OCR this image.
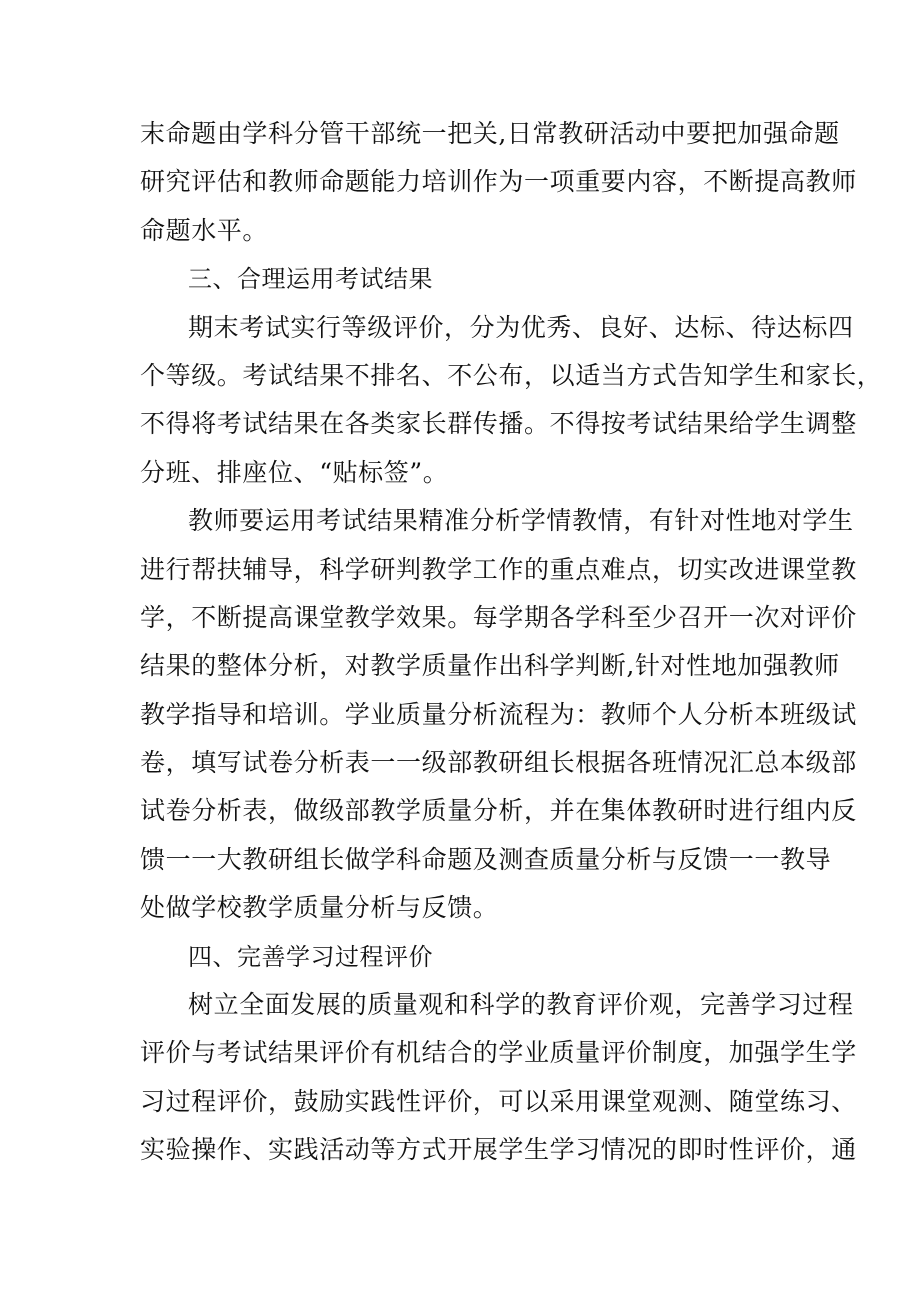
末命题由学科分管干部统一把关,日常教研活动中要把加强命题
研究评估和教师命题能力培训作为一项重要内容，不断提高教师
命题水平。
三、合理运用考试结果
期末考试实行等级评价，分为优秀、良好、达标、待达标四
个等级。考试结果不排名、不公布，以适当方式告知学生和家长，
不得将考试结果在各类家长群传播。不得按考试结果给学生调整
分班、排座位、“贴标签”。
教师要运用考试结果精准分析学情教情，有针对性地对学生
进行帮扶辅导，科学研判教学工作的重点难点，切实改进课堂教
学，不断提高课堂教学效果。每学期各学科至少召开一次对评价
结果的整体分析，对教学质量作出科学判断,针对性地加强教师
教学指导和培训。学业质量分析流程为：教师个人分析本班级试
卷，填写试卷分析表一一级部教研组长根据各班情况汇总本级部
试卷分析表，做级部教学质量分析，并在集体教研时进行组内反
馈一一大教研组长做学科命题及测查质量分析与反馈一一教导
处做学校教学质量分析与反馈。
四、完善学习过程评价
树立全面发展的质量观和科学的教育评价观，完善学习过程
评价与考试结果评价有机结合的学业质量评价制度，加强学生学
习过程评价，鼓励实践性评价，可以采用课堂观测、随堂练习、
实验操作、实践活动等方式开展学生学习情况的即时性评价，通
